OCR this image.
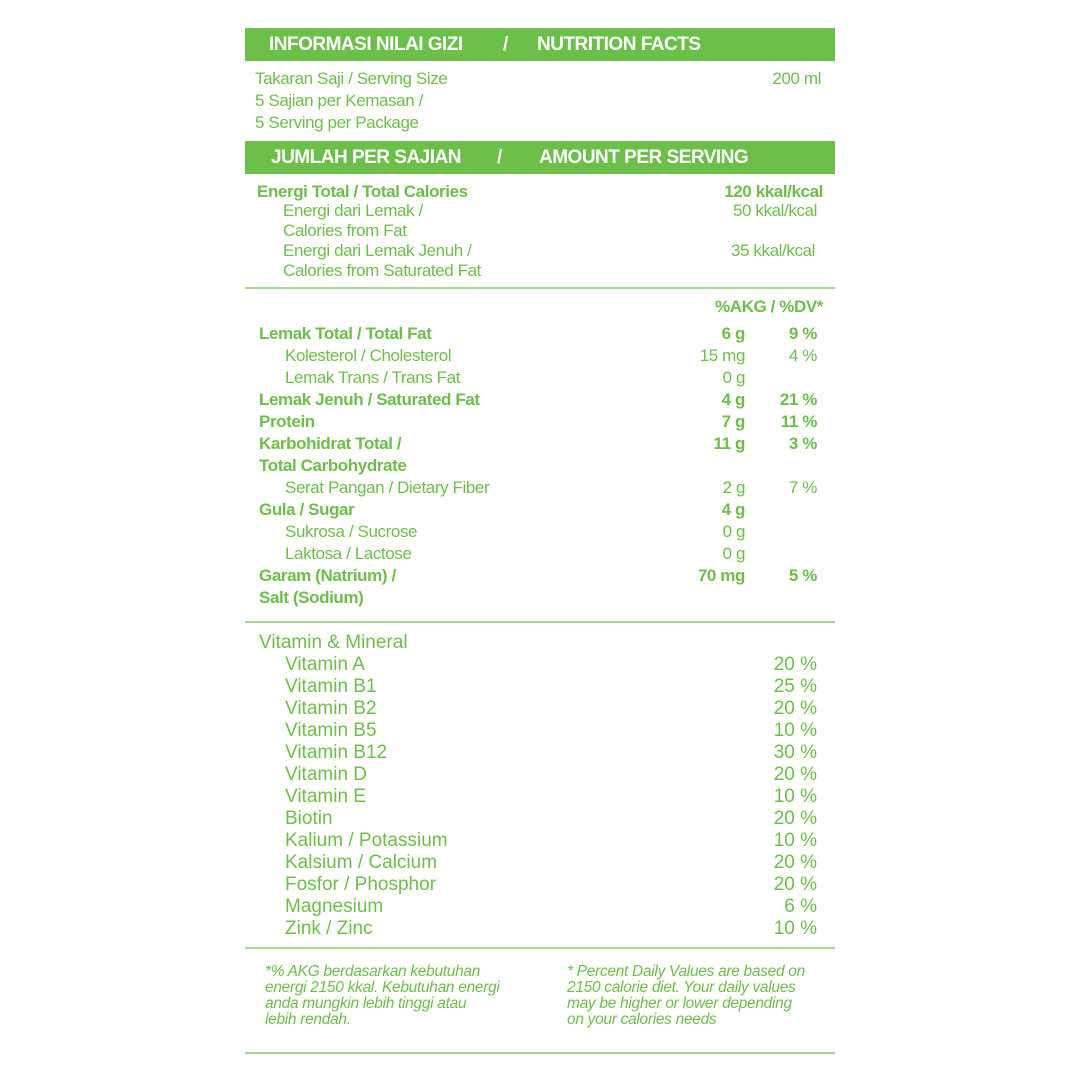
INFORMASI NILAI GIZI / NUTRITION FACTS
Takaran Saji / Serving Size	200 ml
5 Sajian per Kemasan /
5 Serving per Package
JUMLAH PER SAJIAN / AMOUNT PER SERVING
Energi Total / Total Calories	120 kkal/kcal
Energi dari Lemak /	50 kkal/kcal
Calories from Fat
Energi dari Lemak Jenuh /	35 kkal/kcal
Calories from Saturated Fat
%AKG / %DV*
Lemak Total / Total Fat	6 g	9 %
Kolesterol / Cholesterol	15 mg	4 %
Lemak Trans / Trans Fat	0 g
Lemak Jenuh / Saturated Fat	4 g 21 %
Protein	7 g 11 %
Karbohidrat Total /	11 g	3 %
Total Carbohydrate
Serat Pangan / Dietary Fiber	2 g	7 %
Gula / Sugar	4 g
Sukrosa / Sucrose	0 g
Laktosa / Lactose	0 g
Garam (Natrium) /	70 mg	5 %
Salt (Sodium)
Vitamin & Mineral
Vitamin A	20 %
Vitamin B1	25 %
Vitamin B2	20 %
Vitamin B5	10 %
Vitamin B12	30 %
Vitamin D	20 %
Vitamin E	10 %
Biotin	20 %
Kalium / Potassium	10 %
Kalsium / Calcium	20 %
Fosfor / Phosphor	20 %
Magnesium	6 %
Zink / Zinc	10 %
*% AKG berdasarkan kebutuhan
energi 2150 kkal. Kebutuhan energi
anda mungkin lebih tinggi atau
lebih rendah.
* Percent Daily Values are based on
2150 calorie diet. Your daily values
may be higher or lower depending
on your calories needs
